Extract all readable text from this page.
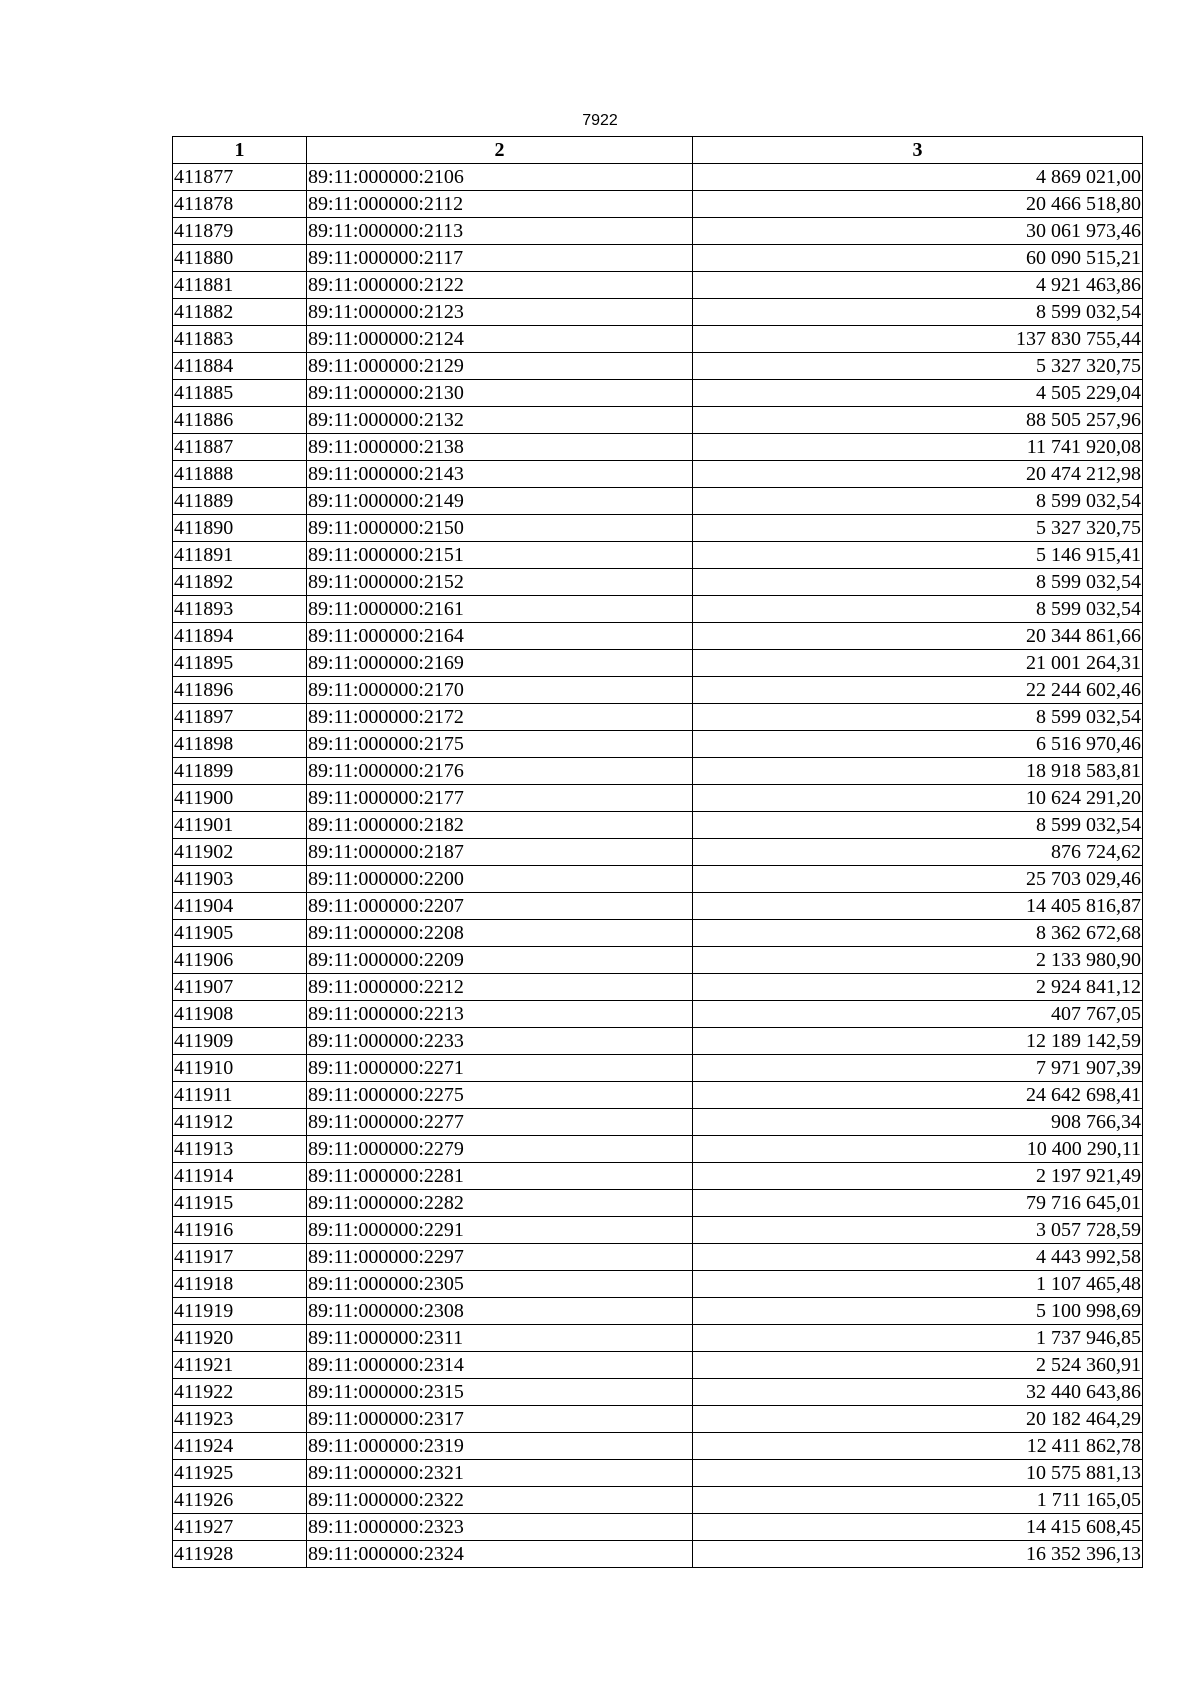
7922
1	2	3
411877	89:11:000000:2106	4 869 021,00
411878	89:11:000000:2112	20 466 518,80
411879	89:11:000000:2113	30 061 973,46
411880	89:11:000000:2117	60 090 515,21
411881	89:11:000000:2122	4 921 463,86
411882	89:11:000000:2123	8 599 032,54
411883	89:11:000000:2124	137 830 755,44
411884	89:11:000000:2129	5 327 320,75
411885	89:11:000000:2130	4 505 229,04
411886	89:11:000000:2132	88 505 257,96
411887	89:11:000000:2138	11 741 920,08
411888	89:11:000000:2143	20 474 212,98
411889	89:11:000000:2149	8 599 032,54
411890	89:11:000000:2150	5 327 320,75
411891	89:11:000000:2151	5 146 915,41
411892	89:11:000000:2152	8 599 032,54
411893	89:11:000000:2161	8 599 032,54
411894	89:11:000000:2164	20 344 861,66
411895	89:11:000000:2169	21 001 264,31
411896	89:11:000000:2170	22 244 602,46
411897	89:11:000000:2172	8 599 032,54
411898	89:11:000000:2175	6 516 970,46
411899	89:11:000000:2176	18 918 583,81
411900	89:11:000000:2177	10 624 291,20
411901	89:11:000000:2182	8 599 032,54
411902	89:11:000000:2187	876 724,62
411903	89:11:000000:2200	25 703 029,46
411904	89:11:000000:2207	14 405 816,87
411905	89:11:000000:2208	8 362 672,68
411906	89:11:000000:2209	2 133 980,90
411907	89:11:000000:2212	2 924 841,12
411908	89:11:000000:2213	407 767,05
411909	89:11:000000:2233	12 189 142,59
411910	89:11:000000:2271	7 971 907,39
411911	89:11:000000:2275	24 642 698,41
411912	89:11:000000:2277	908 766,34
411913	89:11:000000:2279	10 400 290,11
411914	89:11:000000:2281	2 197 921,49
411915	89:11:000000:2282	79 716 645,01
411916	89:11:000000:2291	3 057 728,59
411917	89:11:000000:2297	4 443 992,58
411918	89:11:000000:2305	1 107 465,48
411919	89:11:000000:2308	5 100 998,69
411920	89:11:000000:2311	1 737 946,85
411921	89:11:000000:2314	2 524 360,91
411922	89:11:000000:2315	32 440 643,86
411923	89:11:000000:2317	20 182 464,29
411924	89:11:000000:2319	12 411 862,78
411925	89:11:000000:2321	10 575 881,13
411926	89:11:000000:2322	1 711 165,05
411927	89:11:000000:2323	14 415 608,45
411928	89:11:000000:2324	16 352 396,13
